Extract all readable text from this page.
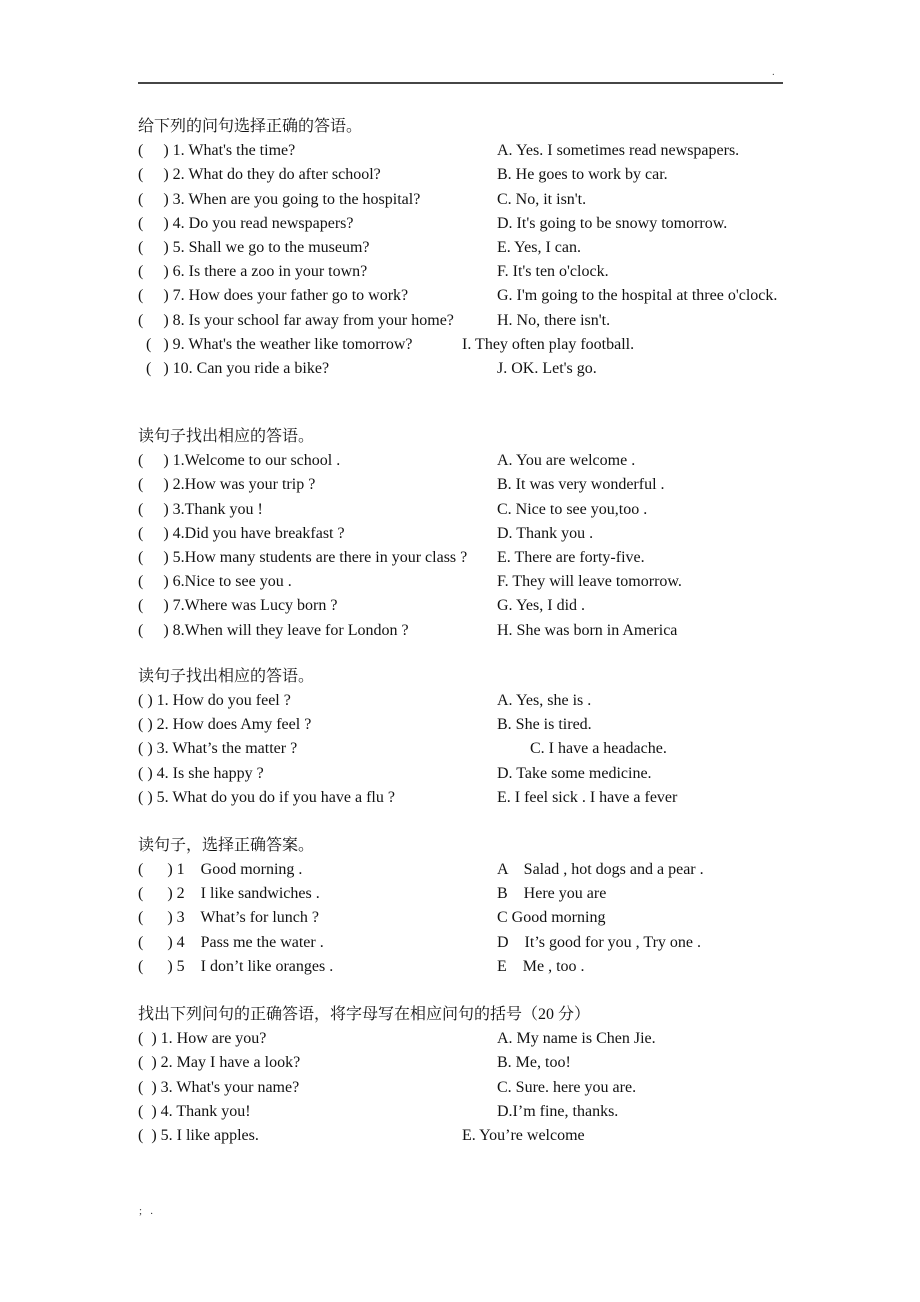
.
给下列的问句选择正确的答语。
(     ) 1. What's the time?	A. Yes. I sometimes read newspapers.
(     ) 2. What do they do after school?	B. He goes to work by car.
(     ) 3. When are you going to the hospital?	C. No, it isn't.
(     ) 4. Do you read newspapers?	D. It's going to be snowy tomorrow.
(     ) 5. Shall we go to the museum?	E. Yes, I can.
(     ) 6. Is there a zoo in your town?	F. It's ten o'clock.
(     ) 7. How does your father go to work?	G. I'm going to the hospital at three o'clock.
(     ) 8. Is your school far away from your home?	H. No, there isn't.
(   ) 9. What's the weather like tomorrow?	I. They often play football.
(   ) 10. Can you ride a bike?	J. OK. Let's go.
读句子找出相应的答语。
(     ) 1.Welcome to our school .	A. You are welcome .
(     ) 2.How was your trip ?	B. It was very wonderful .
(     ) 3.Thank you !	C. Nice to see you,too .
(     ) 4.Did you have breakfast ?	D. Thank you .
(     ) 5.How many students are there in your class ? E. There are forty-five.
(     ) 6.Nice to see you .	F. They will leave tomorrow.
(     ) 7.Where was Lucy born ?	G. Yes, I did .
(     ) 8.When will they leave for London ?	H. She was born in America
读句子找出相应的答语。
( ) 1. How do you feel ?	A. Yes, she is .
( ) 2. How does Amy feel ?	B. She is tired.
( ) 3. What’s the matter ?	C. I have a headache.
( ) 4. Is she happy ?	D. Take some medicine.
( ) 5. What do you do if you have a flu ?	E. I feel sick . I have a fever
读句子，选择正确答案。
(      ) 1    Good morning .	A    Salad , hot dogs and a pear .
(      ) 2    I like sandwiches .	B    Here you are
(      ) 3    What’s for lunch ?	C Good morning
(      ) 4    Pass me the water .	D    It’s good for you , Try one .
(      ) 5    I don’t like oranges .	E    Me , too .
找出下列问句的正确答语，将字母写在相应问句的括号（20 分）
(  ) 1. How are you?	A. My name is Chen Jie.
(  ) 2. May I have a look?	B. Me, too!
(  ) 3. What's your name?	C. Sure. here you are.
(  ) 4. Thank you!	D.I’m fine, thanks.
(  ) 5. I like apples.	E. You’re welcome
;   .
